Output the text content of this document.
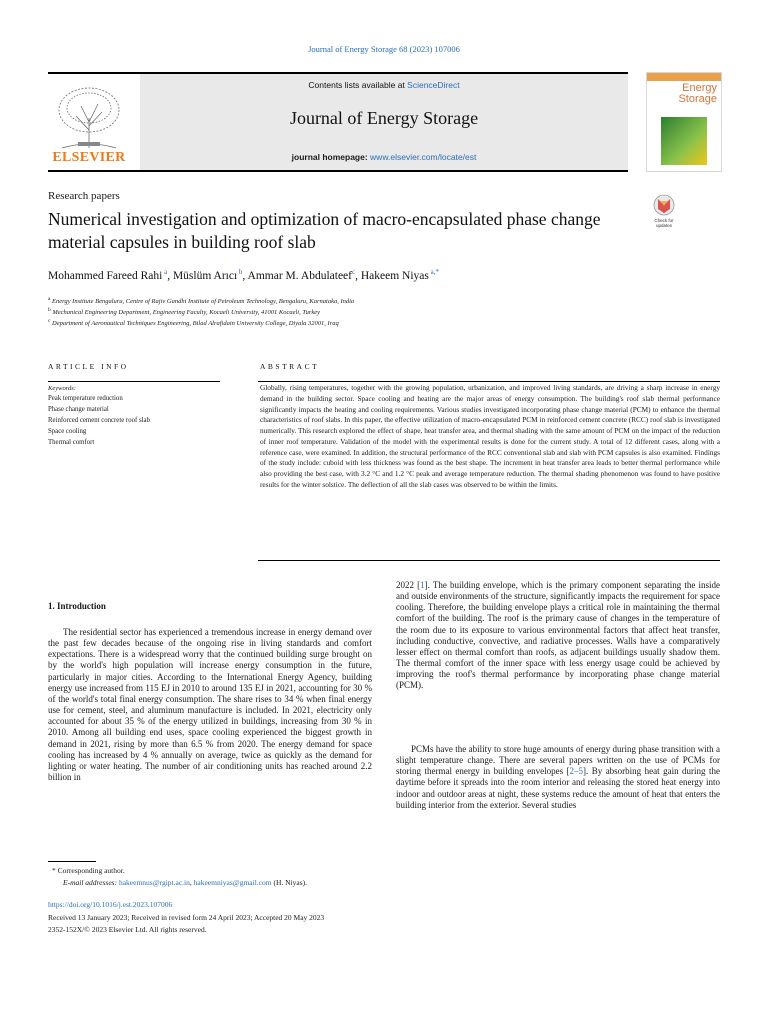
Journal of Energy Storage 68 (2023) 107006
ELSEVIER
Contents lists available at ScienceDirect
Journal of Energy Storage
journal homepage: www.elsevier.com/locate/est
Energy
Storage
Research papers
Numerical investigation and optimization of macro-encapsulated phase change material capsules in building roof slab
Check for
updates
Mohammed Fareed Rahi $^a$, Müslüm Arıcı $^b$, Ammar M. Abdulateef$^c$, Hakeem Niyas $^{a,*}$
$^a$ Energy Institute Bengaluru, Centre of Rajiv Gandhi Institute of Petroleum Technology, Bengaluru, Karnataka, India
$^b$ Mechanical Engineering Department, Engineering Faculty, Kocaeli University, 41001 Kocaeli, Turkey
$^c$ Department of Aeronautical Techniques Engineering, Bilad Alrafidain University College, Diyala 32001, Iraq
ARTICLE INFO
Keywords:
Peak temperature reduction
Phase change material
Reinforced cement concrete roof slab
Space cooling
Thermal comfort
ABSTRACT
Globally, rising temperatures, together with the growing population, urbanization, and improved living standards, are driving a sharp increase in energy demand in the building sector. Space cooling and heating are the major areas of energy consumption. The building's roof slab thermal performance significantly impacts the heating and cooling requirements. Various studies investigated incorporating phase change material (PCM) to enhance the thermal characteristics of roof slabs. In this paper, the effective utilization of macro-encapsulated PCM in reinforced cement concrete (RCC) roof slab is investigated numerically. This research explored the effect of shape, heat transfer area, and thermal shading with the same amount of PCM on the impact of the reduction of inner roof temperature. Validation of the model with the experimental results is done for the current study. A total of 12 different cases, along with a reference case, were examined. In addition, the structural performance of the RCC conventional slab and slab with PCM capsules is also examined. Findings of the study include: cuboid with less thickness was found as the best shape. The increment in heat transfer area leads to better thermal performance while also providing the best case, with 3.2 °C and 1.2 °C peak and average temperature reduction. The thermal shading phenomenon was found to have positive results for the winter solstice. The deflection of all the slab cases was observed to be within the limits.
1. Introduction
The residential sector has experienced a tremendous increase in energy demand over the past few decades because of the ongoing rise in living standards and comfort expectations. There is a widespread worry that the continued building surge brought on by the world's high population will increase energy consumption in the future, particularly in major cities. According to the International Energy Agency, building energy use increased from 115 EJ in 2010 to around 135 EJ in 2021, accounting for 30 % of the world's total final energy consumption. The share rises to 34 % when final energy use for cement, steel, and aluminum manufacture is included. In 2021, electricity only accounted for about 35 % of the energy utilized in buildings, increasing from 30 % in 2010. Among all building end uses, space cooling experienced the biggest growth in demand in 2021, rising by more than 6.5 % from 2020. The energy demand for space cooling has increased by 4 % annually on average, twice as quickly as the demand for lighting or water heating. The number of air conditioning units has reached around 2.2 billion in
2022 [1]. The building envelope, which is the primary component separating the inside and outside environments of the structure, significantly impacts the requirement for space cooling. Therefore, the building envelope plays a critical role in maintaining the thermal comfort of the building. The roof is the primary cause of changes in the temperature of the room due to its exposure to various environmental factors that affect heat transfer, including conductive, convective, and radiative processes. Walls have a comparatively lesser effect on thermal comfort than roofs, as adjacent buildings usually shadow them. The thermal comfort of the inner space with less energy usage could be achieved by improving the roof's thermal performance by incorporating phase change material (PCM).
PCMs have the ability to store huge amounts of energy during phase transition with a slight temperature change. There are several papers written on the use of PCMs for storing thermal energy in building envelopes [2–5]. By absorbing heat gain during the daytime before it spreads into the room interior and releasing the stored heat energy into indoor and outdoor areas at night, these systems reduce the amount of heat that enters the building interior from the exterior. Several studies
* Corresponding author.
E-mail addresses: hakeemnus@rgipt.ac.in, hakeemniyas@gmail.com (H. Niyas).
https://doi.org/10.1016/j.est.2023.107006
Received 13 January 2023; Received in revised form 24 April 2023; Accepted 20 May 2023
2352-152X/© 2023 Elsevier Ltd. All rights reserved.
